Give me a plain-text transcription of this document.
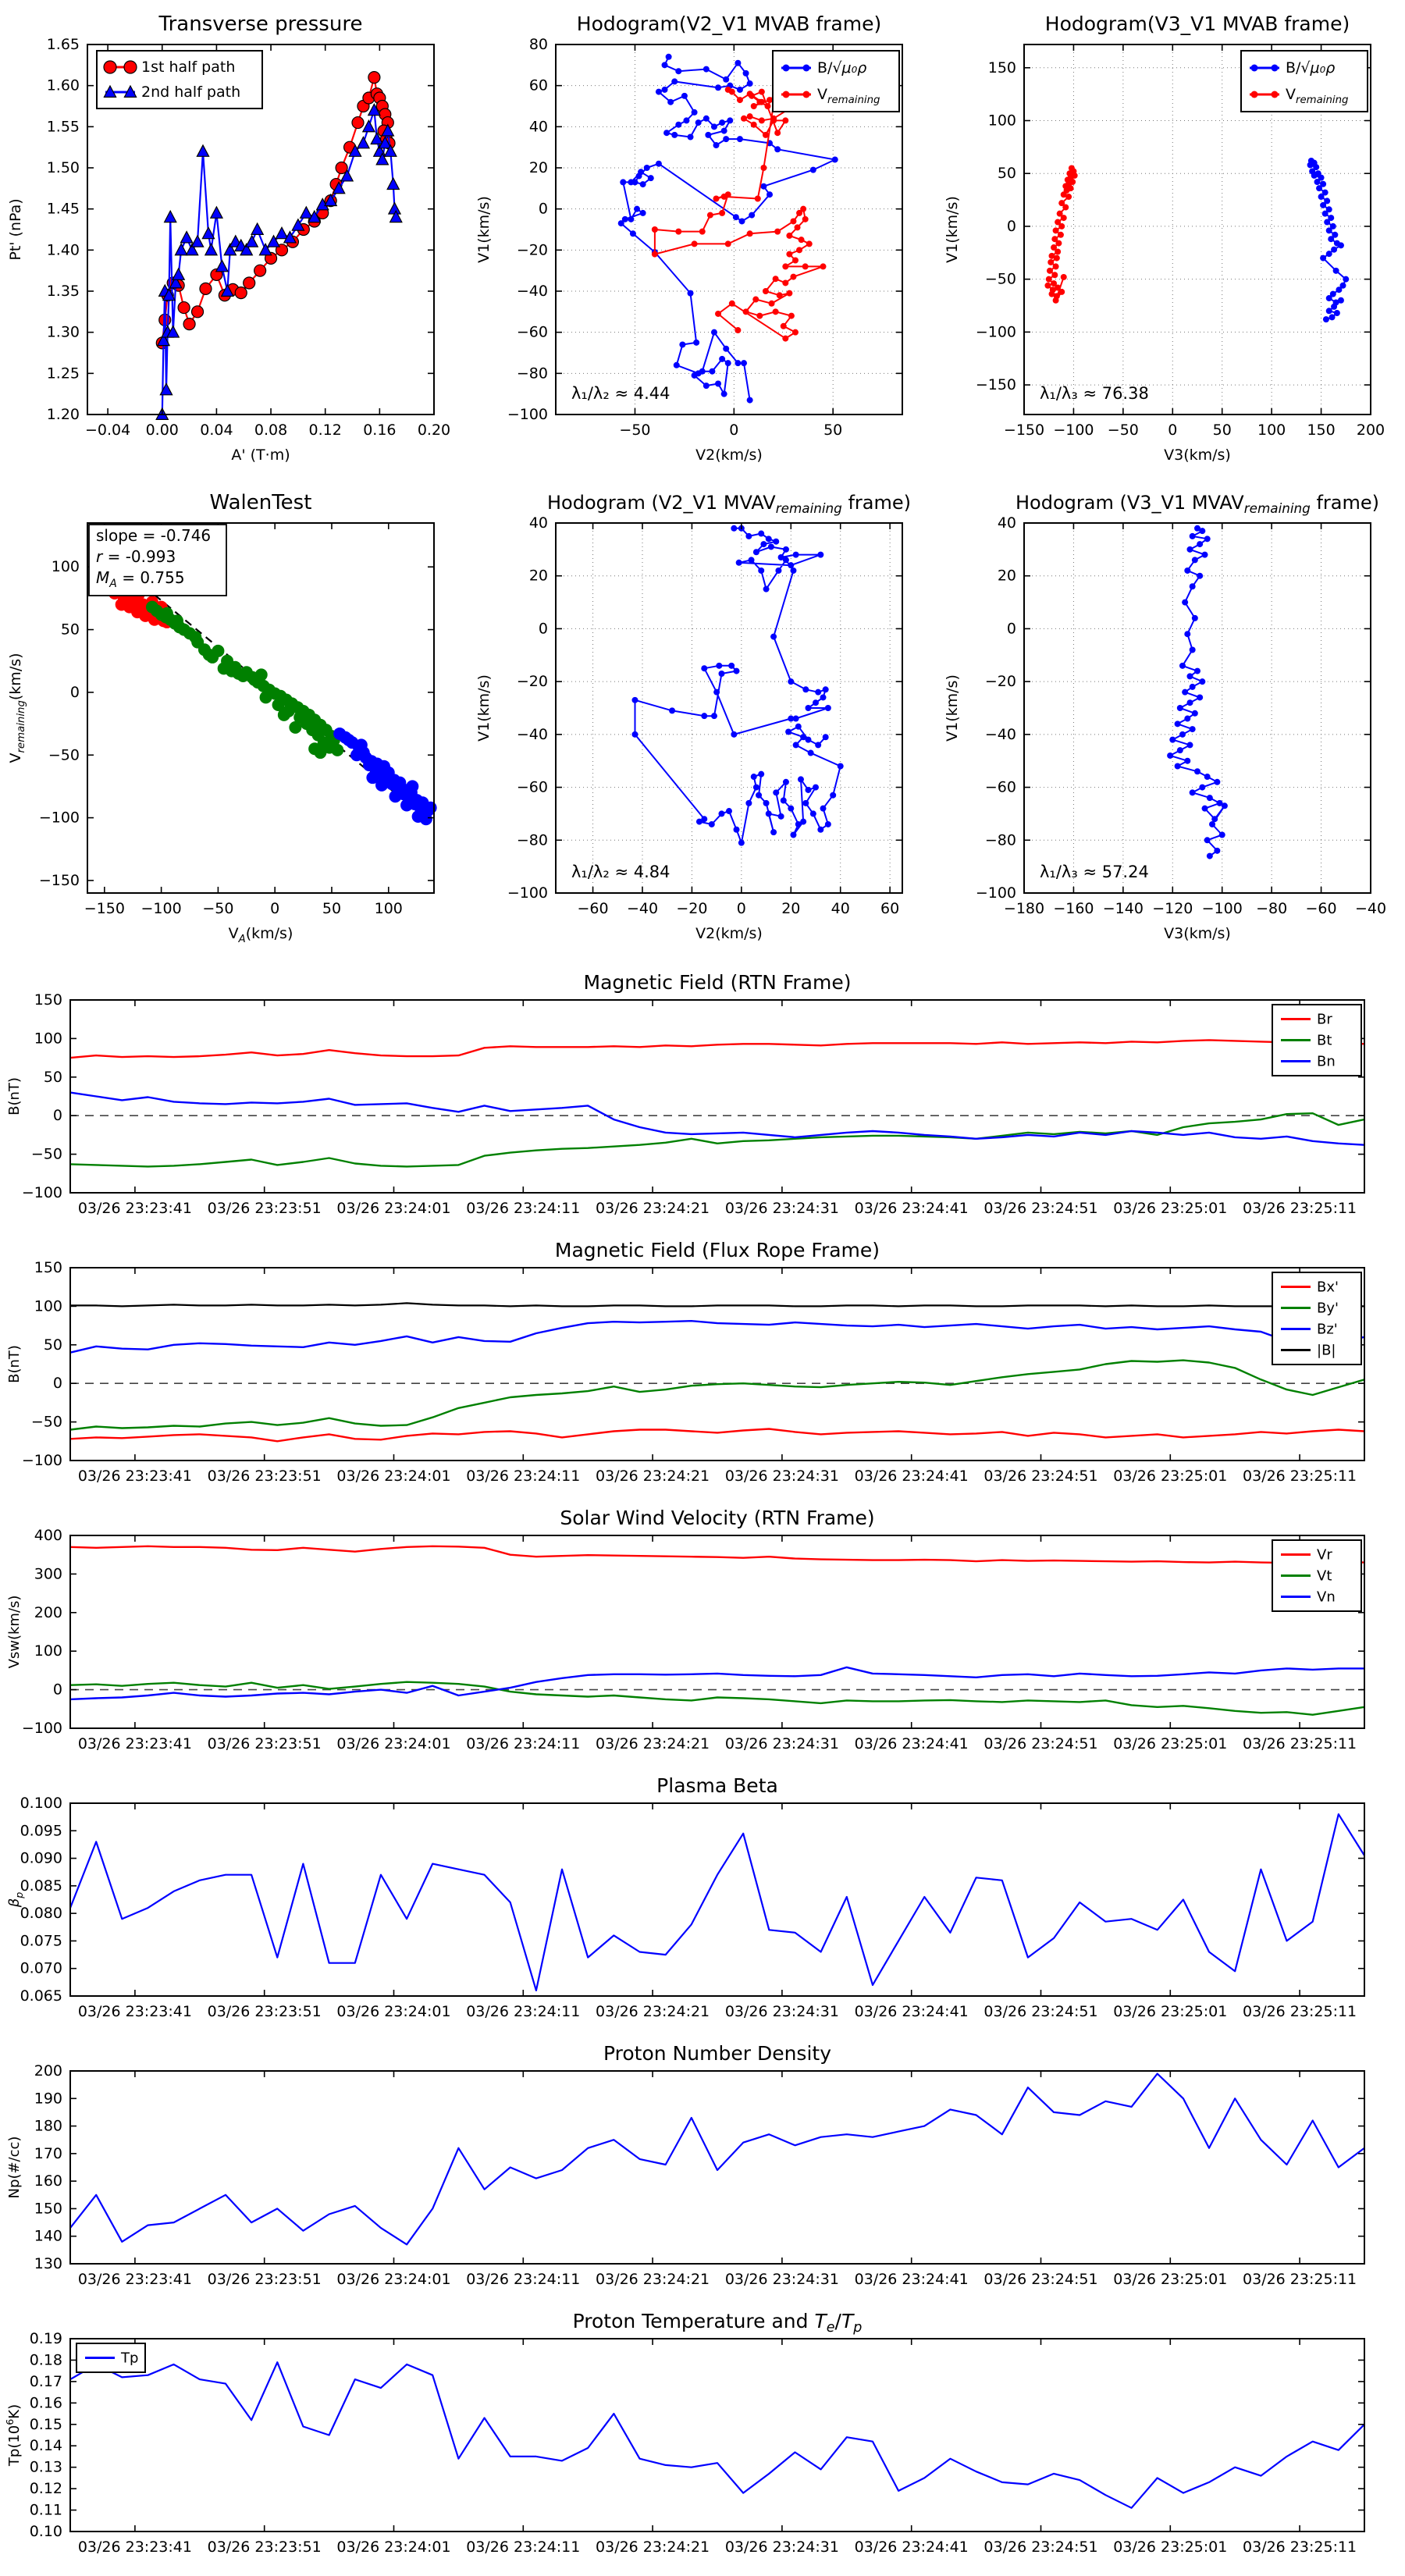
−0.04 0.00 0.04 0.08 0.12 0.16 0.20
1.20
1.25
1.30
1.35
1.40
1.45
1.50
1.55
1.60
1.65
Transverse pressure
A' (T·m)
Pt' (nPa)
1st half path
2nd half path
−50	0	50
−100
−80
−60
−40
−20
0
20
40
60
80
Hodogram(V2_V1 MVAB frame)
V2(km/s)
V1(km/s)
λ₁/λ₂ ≈ 4.44
B/√μ₀ρ
$V_{remaining}$
−150 −100 −50 0 50 100 150 200
−150
−100
−50
0
50
100
150
Hodogram(V3_V1 MVAB frame)
V3(km/s)
V1(km/s)
λ₁/λ₃ ≈ 76.38
B/√μ₀ρ
$V_{remaining}$
−150 −100 −50 0	50 100
−150
−100
−50
0
50
100
WalenTest
$V_A(km/s)$
$V_{remaining}(km/s)$
slope = -0.746
r = -0.993
$M_A = 0.755$
−60 −40 −20 0 20 40 60
−100
−80
−60
−40
−20
0
20
40
Hodogram (V2_V1 $MVAV_{remaining}$ frame)
V2(km/s)
V1(km/s)
λ₁/λ₂ ≈ 4.84
−180 −160 −140 −120 −100 −80 −60 −40
−100
−80
−60
−40
−20
0
20
40
Hodogram (V3_V1 $MVAV_{remaining}$ frame)
V3(km/s)
V1(km/s)
λ₁/λ₃ ≈ 57.24
03/26 23:23:41 03/26 23:23:51 03/26 23:24:01 03/26 23:24:11 03/26 23:24:21 03/26 23:24:31 03/26 23:24:41 03/26 23:24:51 03/26 23:25:01 03/26 23:25:11
−100
−50
0
50
100
150
Magnetic Field (RTN Frame)
B(nT)
Br
Bt
Bn
03/26 23:23:41 03/26 23:23:51 03/26 23:24:01 03/26 23:24:11 03/26 23:24:21 03/26 23:24:31 03/26 23:24:41 03/26 23:24:51 03/26 23:25:01 03/26 23:25:11
−100
−50
0
50
100
150
Magnetic Field (Flux Rope Frame)
B(nT)
Bx'
By'
Bz'
|B|
03/26 23:23:41 03/26 23:23:51 03/26 23:24:01 03/26 23:24:11 03/26 23:24:21 03/26 23:24:31 03/26 23:24:41 03/26 23:24:51 03/26 23:25:01 03/26 23:25:11
−100
0
100
200
300
400
Solar Wind Velocity (RTN Frame)
Vsw(km/s)
Vr
Vt
Vn
03/26 23:23:41 03/26 23:23:51 03/26 23:24:01 03/26 23:24:11 03/26 23:24:21 03/26 23:24:31 03/26 23:24:41 03/26 23:24:51 03/26 23:25:01 03/26 23:25:11
0.065
0.070
0.075
0.080
0.085
0.090
0.095
0.100
Plasma Beta
$\beta_p$
03/26 23:23:41 03/26 23:23:51 03/26 23:24:01 03/26 23:24:11 03/26 23:24:21 03/26 23:24:31 03/26 23:24:41 03/26 23:24:51 03/26 23:25:01 03/26 23:25:11
130
140
150
160
170
180
190
200
Proton Number Density
Np(#/cc)
03/26 23:23:41 03/26 23:23:51 03/26 23:24:01 03/26 23:24:11 03/26 23:24:21 03/26 23:24:31 03/26 23:24:41 03/26 23:24:51 03/26 23:25:01 03/26 23:25:11
0.10
0.11
0.12
0.13
0.14
0.15
0.16
0.17
0.18
0.19
Proton Temperature and $T_e/T_p$
$Tp(10^6K)$
Tp
